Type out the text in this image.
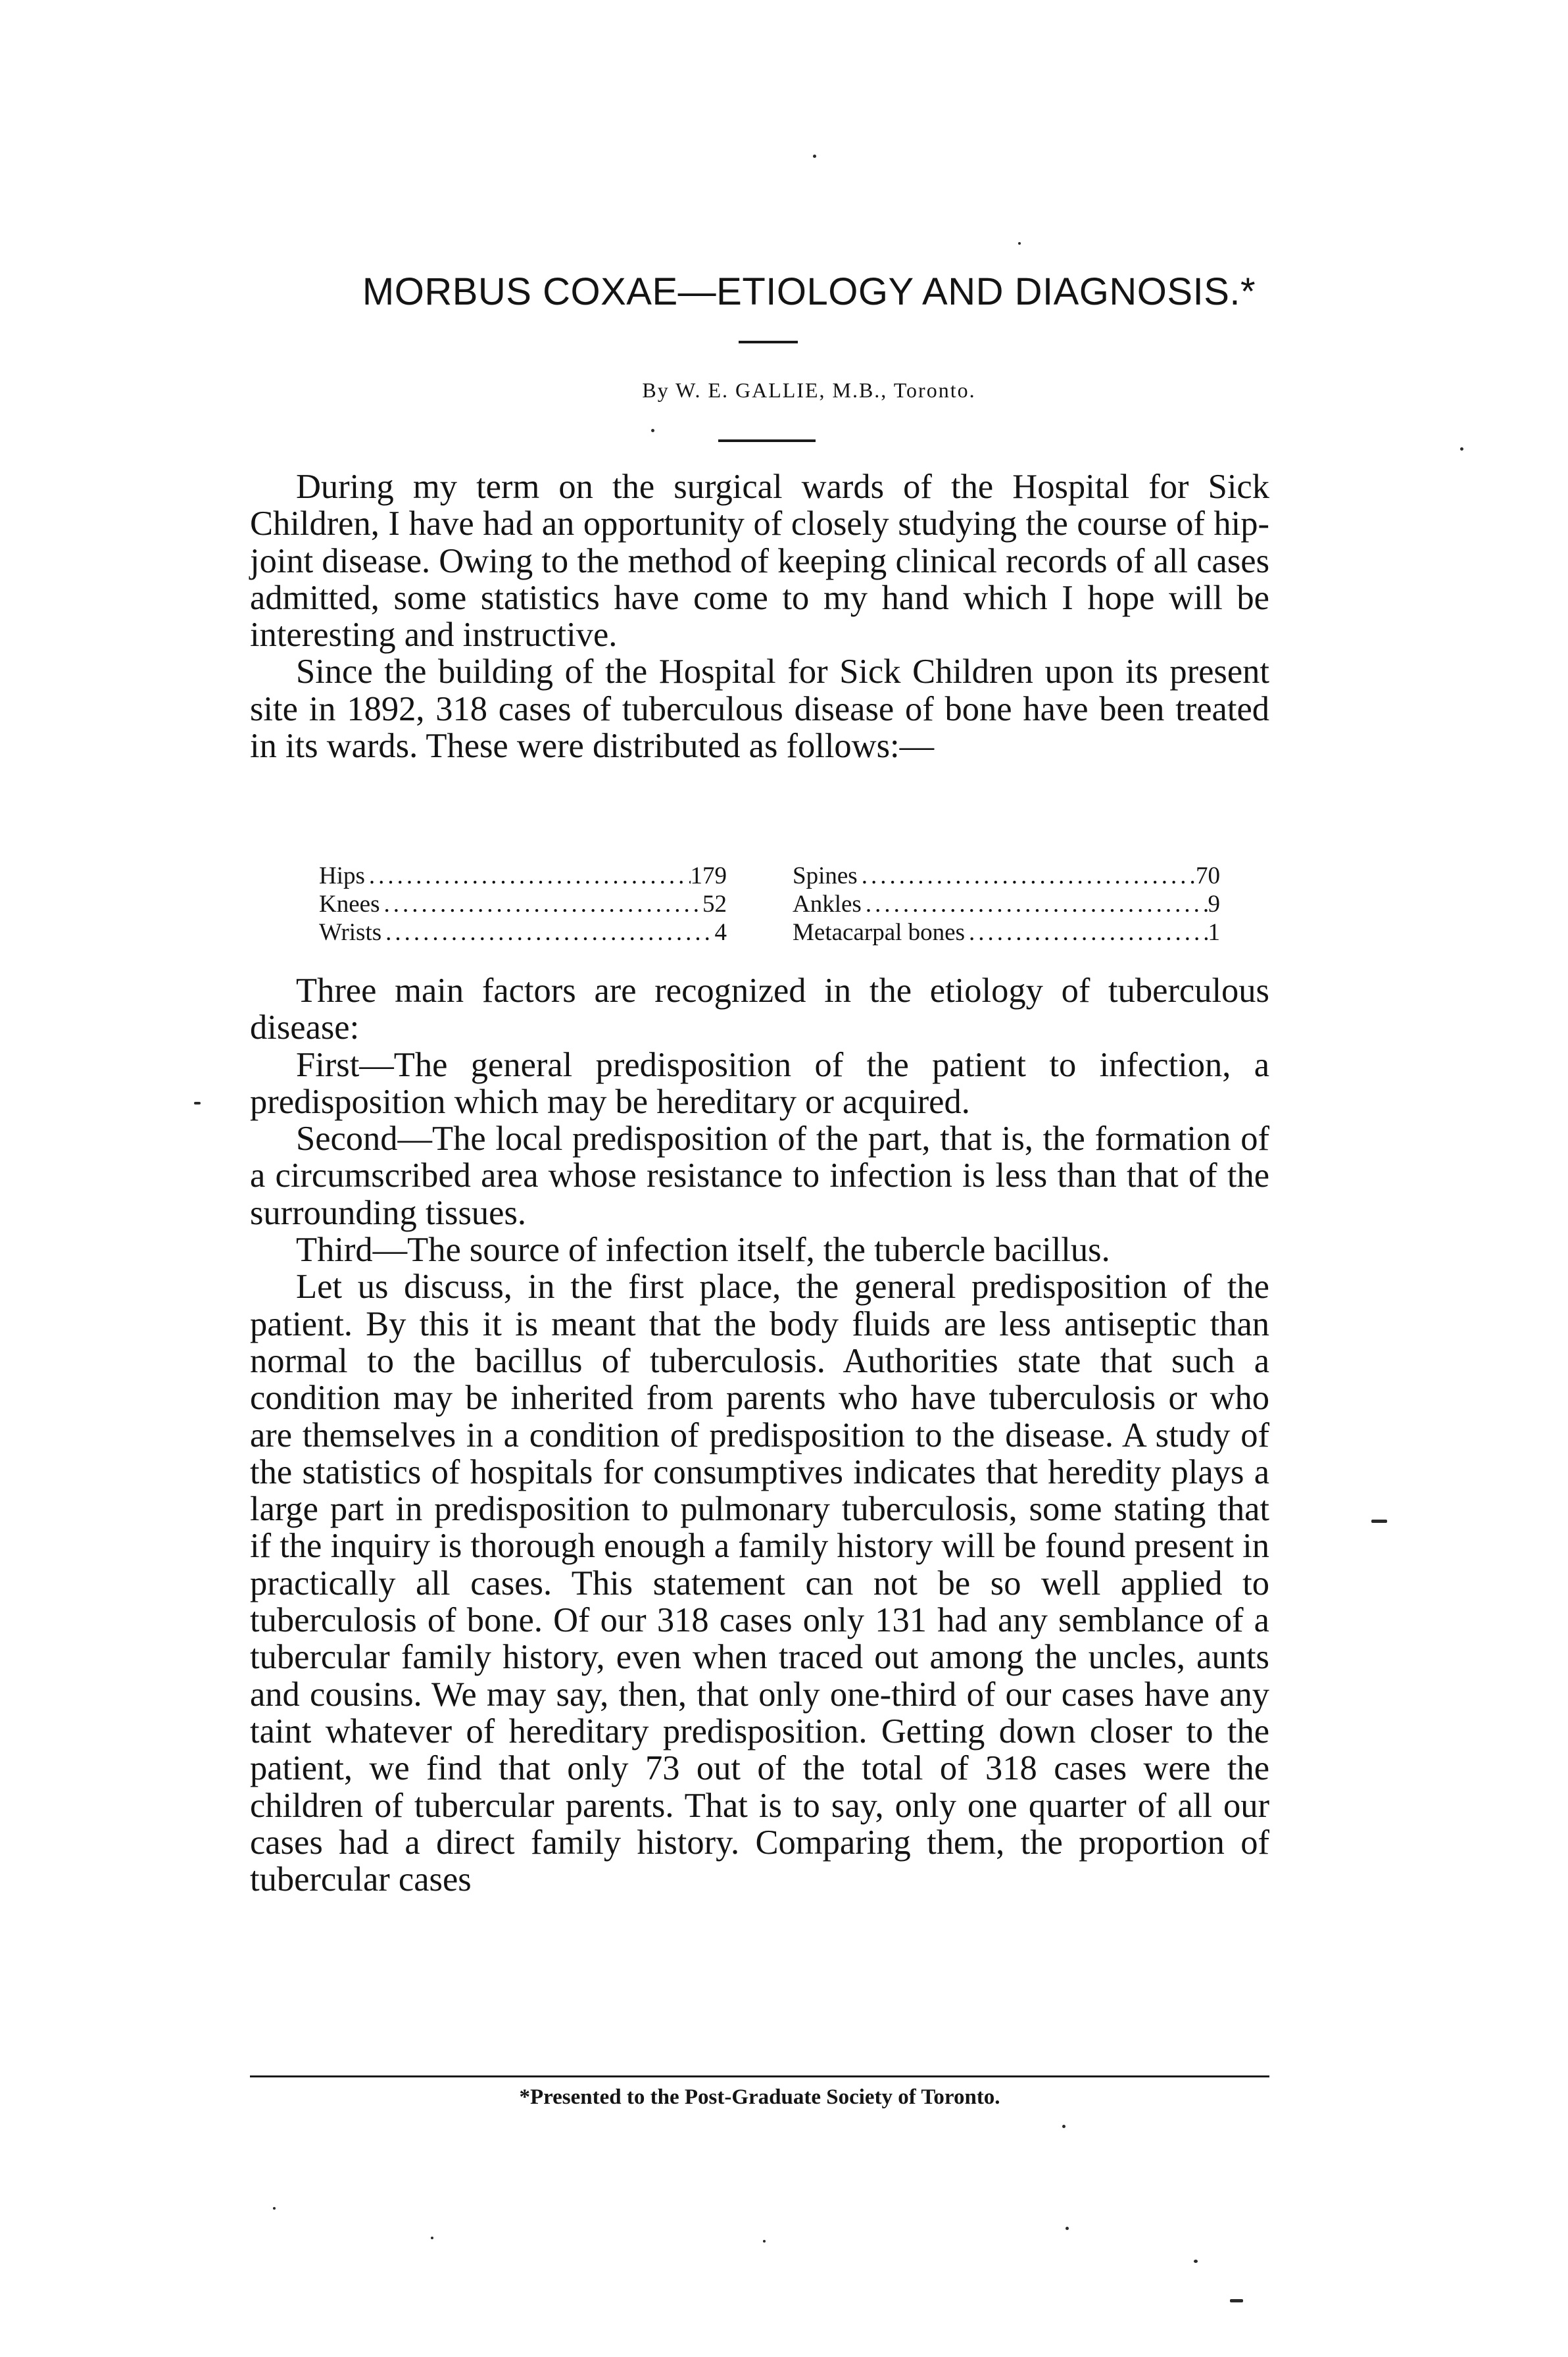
MORBUS COXAE—ETIOLOGY AND DIAGNOSIS.*
By W. E. GALLIE, M.B., Toronto.

During my term on the surgical wards of the Hospital for Sick Children, I have had an opportunity of closely studying the course of hip-joint disease. Owing to the method of keeping clinical records of all cases admitted, some statistics have come to my hand which I hope will be interesting and instructive.

Since the building of the Hospital for Sick Children upon its present site in 1892, 318 cases of tuberculous disease of bone have been treated in its wards. These were distributed as follows:—

Hips .....	179	Spines .....	70
Knees .....	52	Ankles .....	9
Wrists .....	4	Metacarpal bones .....	1

Three main factors are recognized in the etiology of tuberculous disease:

First—The general predisposition of the patient to infection, a predisposition which may be hereditary or acquired.

Second—The local predisposition of the part, that is, the formation of a circumscribed area whose resistance to infection is less than that of the surrounding tissues.

Third—The source of infection itself, the tubercle bacillus.

Let us discuss, in the first place, the general predisposition of the patient. By this it is meant that the body fluids are less antiseptic than normal to the bacillus of tuberculosis. Authorities state that such a condition may be inherited from parents who have tuberculosis or who are themselves in a condition of predisposition to the disease. A study of the statistics of hospitals for consumptives indicates that heredity plays a large part in predisposition to pulmonary tuberculosis, some stating that if the inquiry is thorough enough a family history will be found present in practically all cases. This statement can not be so well applied to tuberculosis of bone. Of our 318 cases only 131 had any semblance of a tubercular family history, even when traced out among the uncles, aunts and cousins. We may say, then, that only one-third of our cases have any taint whatever of hereditary predisposition. Getting down closer to the patient, we find that only 73 out of the total of 318 cases were the children of tubercular parents. That is to say, only one quarter of all our cases had a direct family history. Comparing them, the proportion of tubercular cases

*Presented to the Post-Graduate Society of Toronto.
